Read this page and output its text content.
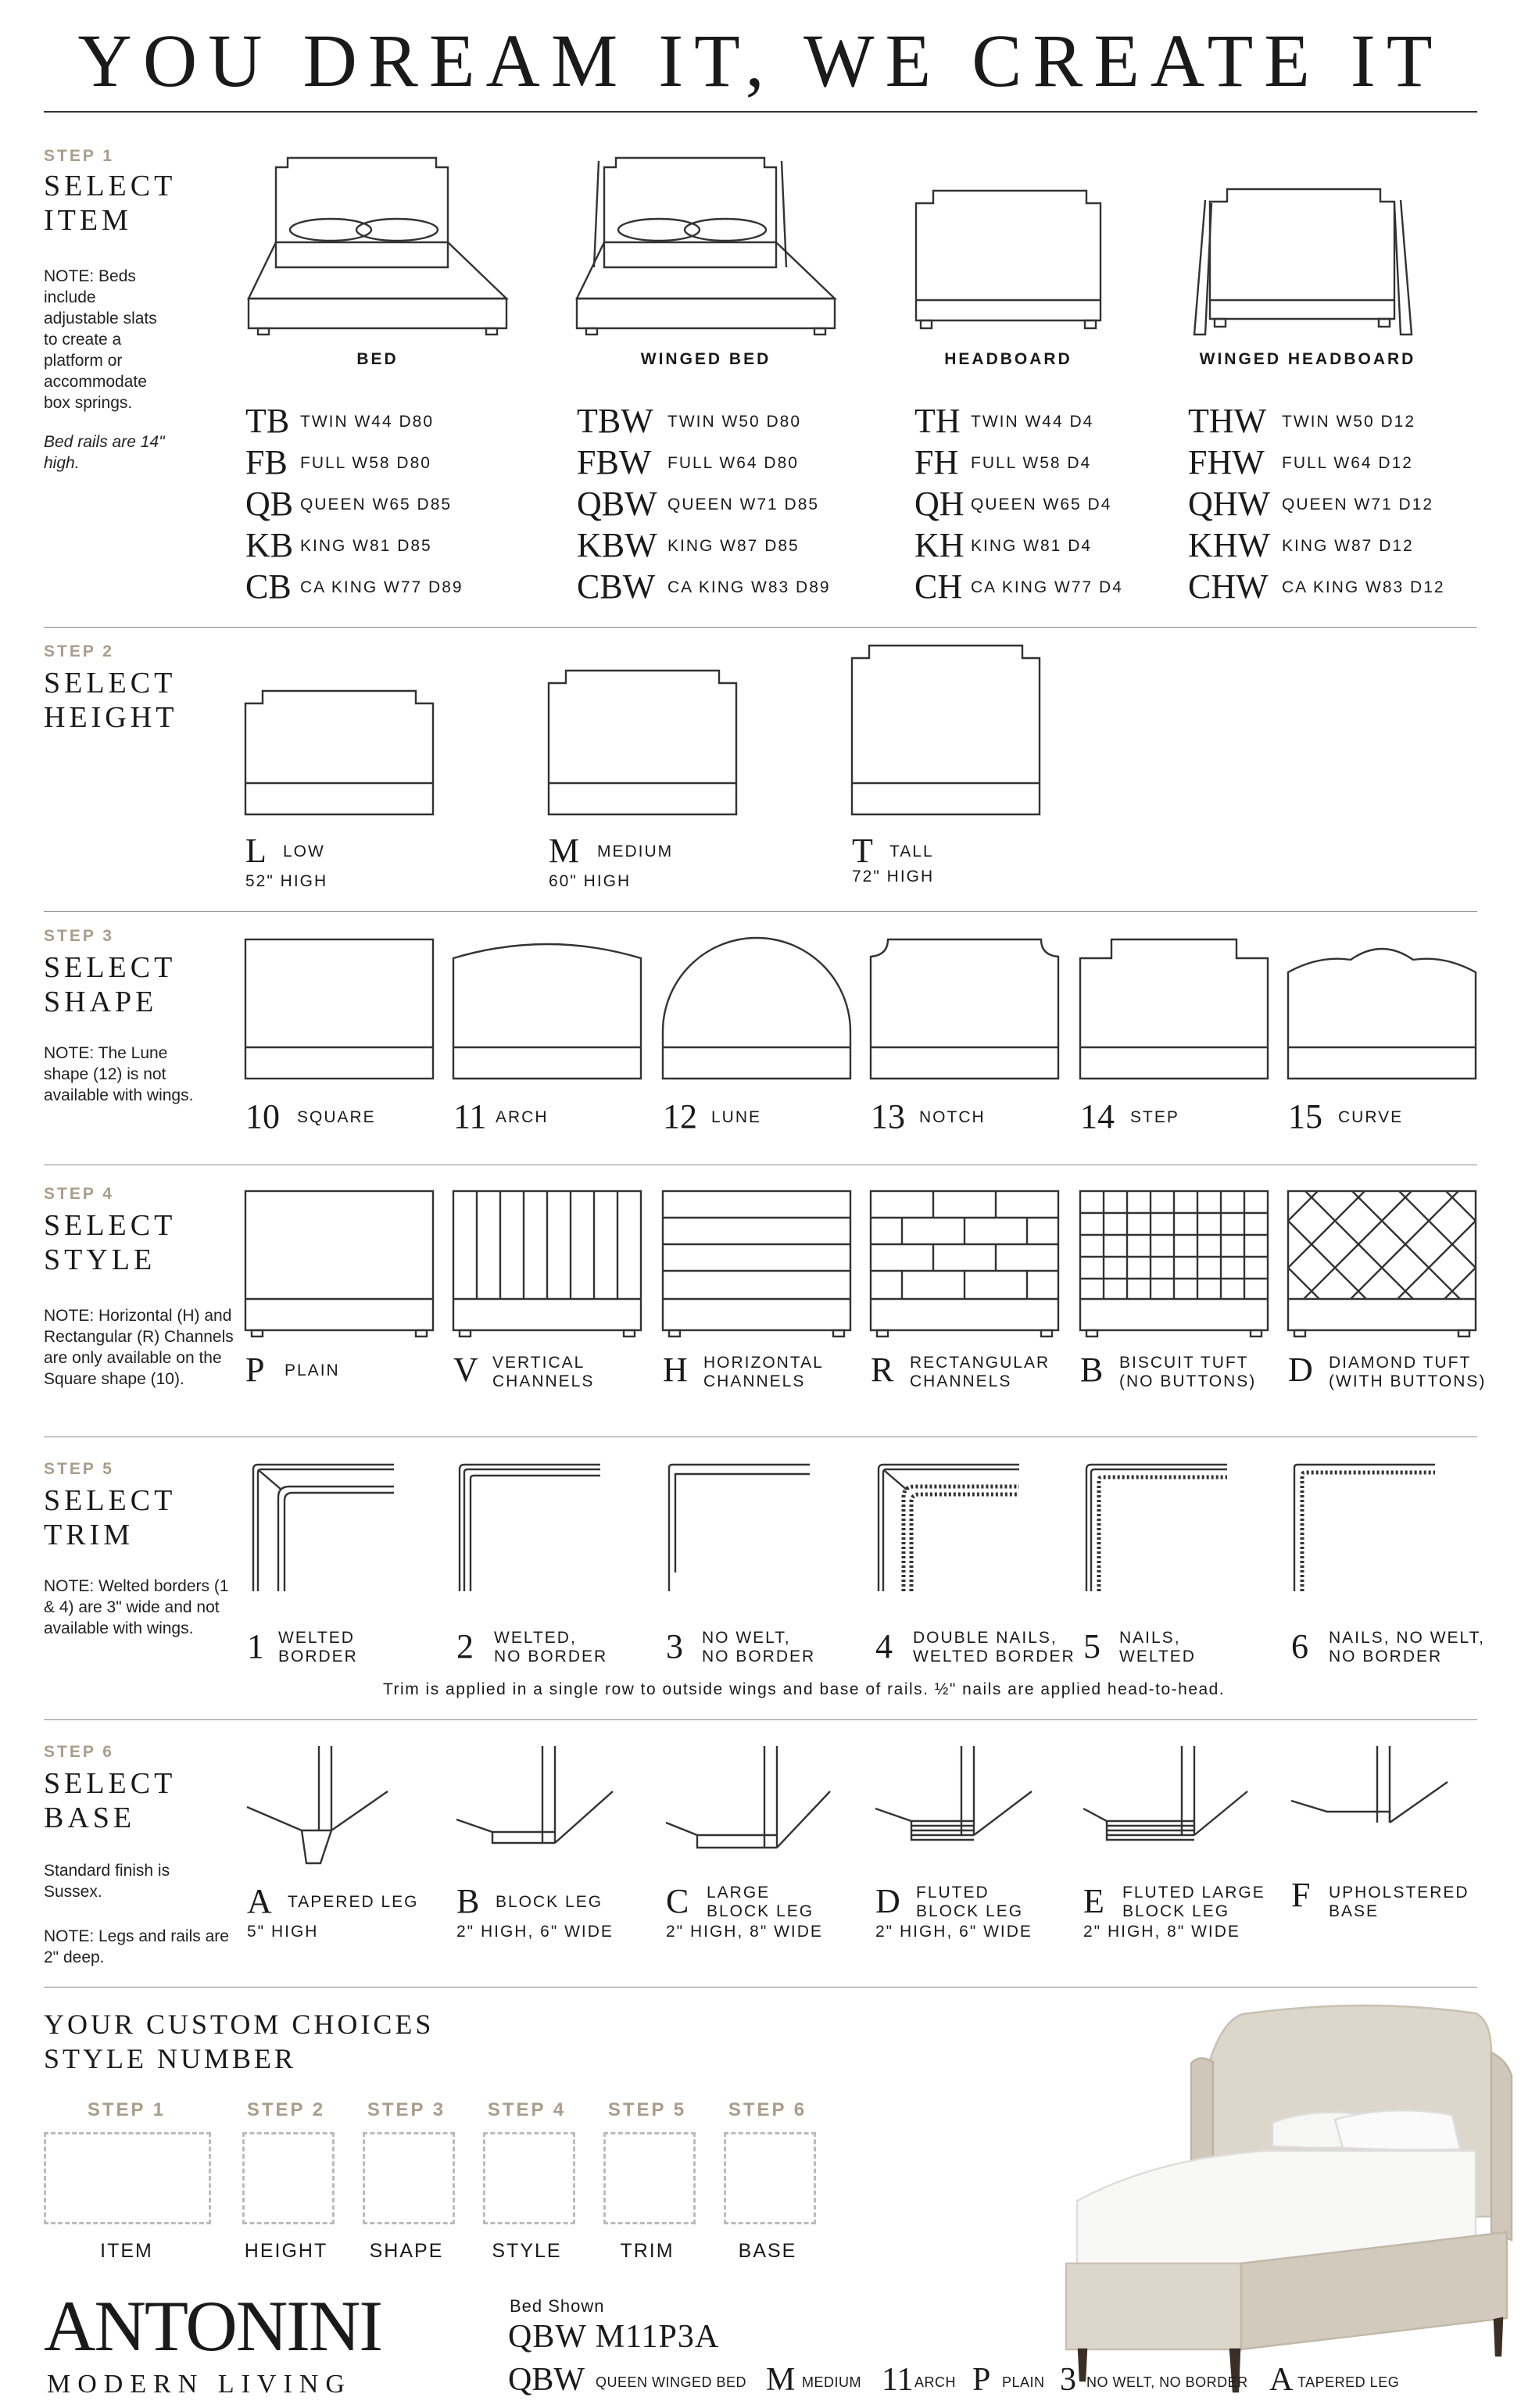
YOU DREAM IT, WE CREATE IT
STEP 1
SELECT
ITEM
NOTE: Beds include adjustable slats to create a platform or accommodate box springs.
Bed rails are 14" high.
BED	WINGED BED	HEADBOARD	WINGED HEADBOARD
TB TWIN W44 D80
FB FULL W58 D80
QB QUEEN W65 D85
KB KING W81 D85
CB CA KING W77 D89
TBW TWIN W50 D80
FBW FULL W64 D80
QBW QUEEN W71 D85
KBW KING W87 D85
CBW CA KING W83 D89
TH TWIN W44 D4
FH FULL W58 D4
QH QUEEN W65 D4
KH KING W81 D4
CH CA KING W77 D4
THW TWIN W50 D12
FHW FULL W64 D12
QHW QUEEN W71 D12
KHW KING W87 D12
CHW CA KING W83 D12
STEP 2
SELECT
HEIGHT
L LOW
52" HIGH
M MEDIUM
60" HIGH
T TALL
72" HIGH
STEP 3
SELECT
SHAPE
NOTE: The Lune shape (12) is not available with wings.
10 SQUARE 11 ARCH	12 LUNE	13 NOTCH	14 STEP	15 CURVE
STEP 4
SELECT
STYLE
NOTE: Horizontal (H) and Rectangular (R) Channels are only available on the Square shape (10).	P PLAIN	V VERTICAL
CHANNELS H HORIZONTAL
CHANNELS R RECTANGULAR
CHANNELS B BISCUIT TUFT
(NO BUTTONS) D DIAMOND TUFT
(WITH BUTTONS)
STEP 5
SELECT
TRIM
NOTE: Welted borders (1 & 4) are 3" wide and not available with wings.	1 WELTED
BORDER	2 WELTED,
NO BORDER 3 NO WELT,
NO BORDER 4 DOUBLE NAILS,
WELTED BORDER 5 NAILS,
WELTED	6 NAILS, NO WELT,
NO BORDER
Trim is applied in a single row to outside wings and base of rails. ½" nails are applied head-to-head.
STEP 6
SELECT
BASE
Standard finish is Sussex.
NOTE: Legs and rails are 2" deep.
A TAPERED LEG
5" HIGH
B BLOCK LEG
2" HIGH, 6" WIDE
C LARGE
BLOCK LEG
2" HIGH, 8" WIDE
D FLUTED
BLOCK LEG
2" HIGH, 6" WIDE
E FLUTED LARGE
BLOCK LEG
2" HIGH, 8" WIDE
F UPHOLSTERED
BASE
YOUR CUSTOM CHOICES
STYLE NUMBER
STEP 1
ITEM
STEP 2
HEIGHT
STEP 3
SHAPE
STEP 4
STYLE
STEP 5
TRIM
STEP 6
BASE
ANTONINI
MODERN LIVING
Bed Shown
QBW M11P3A
QBW QUEEN WINGED BED M MEDIUM 11 ARCH P PLAIN 3 NO WELT, NO BORDER A TAPERED LEG
